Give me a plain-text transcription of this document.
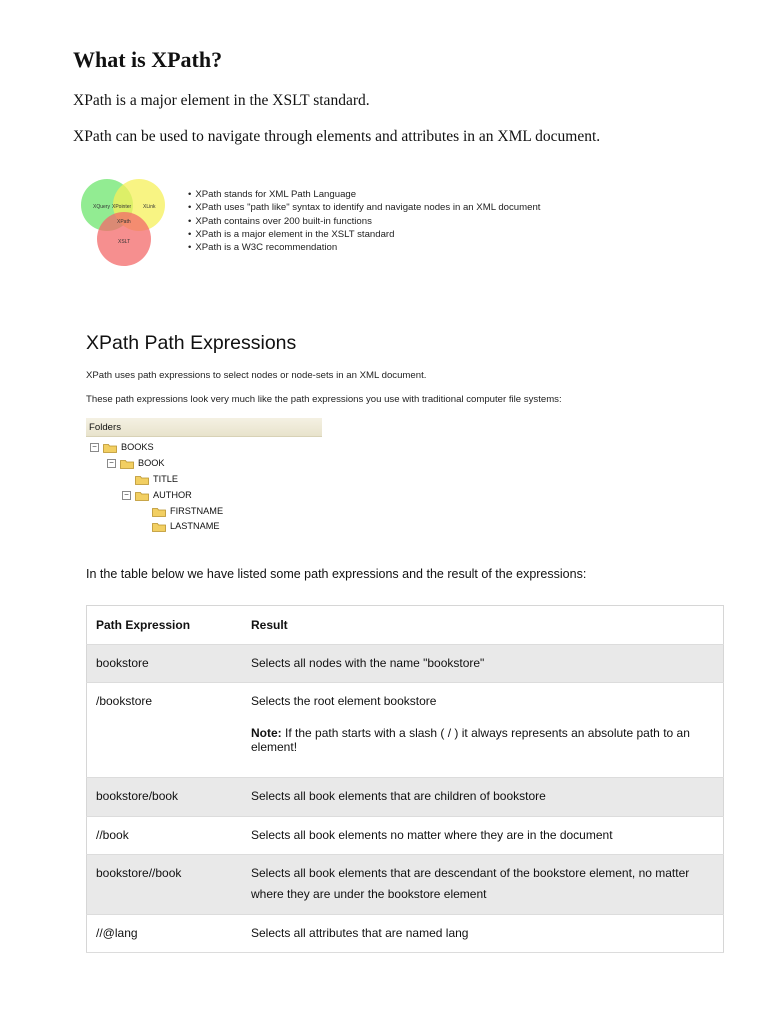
What is XPath?

XPath is a major element in the XSLT standard.

XPath can be used to navigate through elements and attributes in an XML document.

XQuery XPointer XLink
XPath
XSLT
• XPath stands for XML Path Language
• XPath uses "path like" syntax to identify and navigate nodes in an XML document
• XPath contains over 200 built-in functions
• XPath is a major element in the XSLT standard
• XPath is a W3C recommendation
XPath Path Expressions

XPath uses path expressions to select nodes or node-sets in an XML document.

These path expressions look very much like the path expressions you use with traditional computer file systems:

Folders
−	BOOKS
−	BOOK
TITLE
−	AUTHOR
FIRSTNAME
LASTNAME

In the table below we have listed some path expressions and the result of the expressions:

Path Expression	Result
bookstore	Selects all nodes with the name "bookstore"
/bookstore	Selects the root element bookstore
Note: If the path starts with a slash ( / ) it always represents an absolute path to an element!

bookstore/book	Selects all book elements that are children of bookstore
//book	Selects all book elements no matter where they are in the document
bookstore//book	Selects all book elements that are descendant of the bookstore element, no matter where they are under the bookstore element
//@lang	Selects all attributes that are named lang
